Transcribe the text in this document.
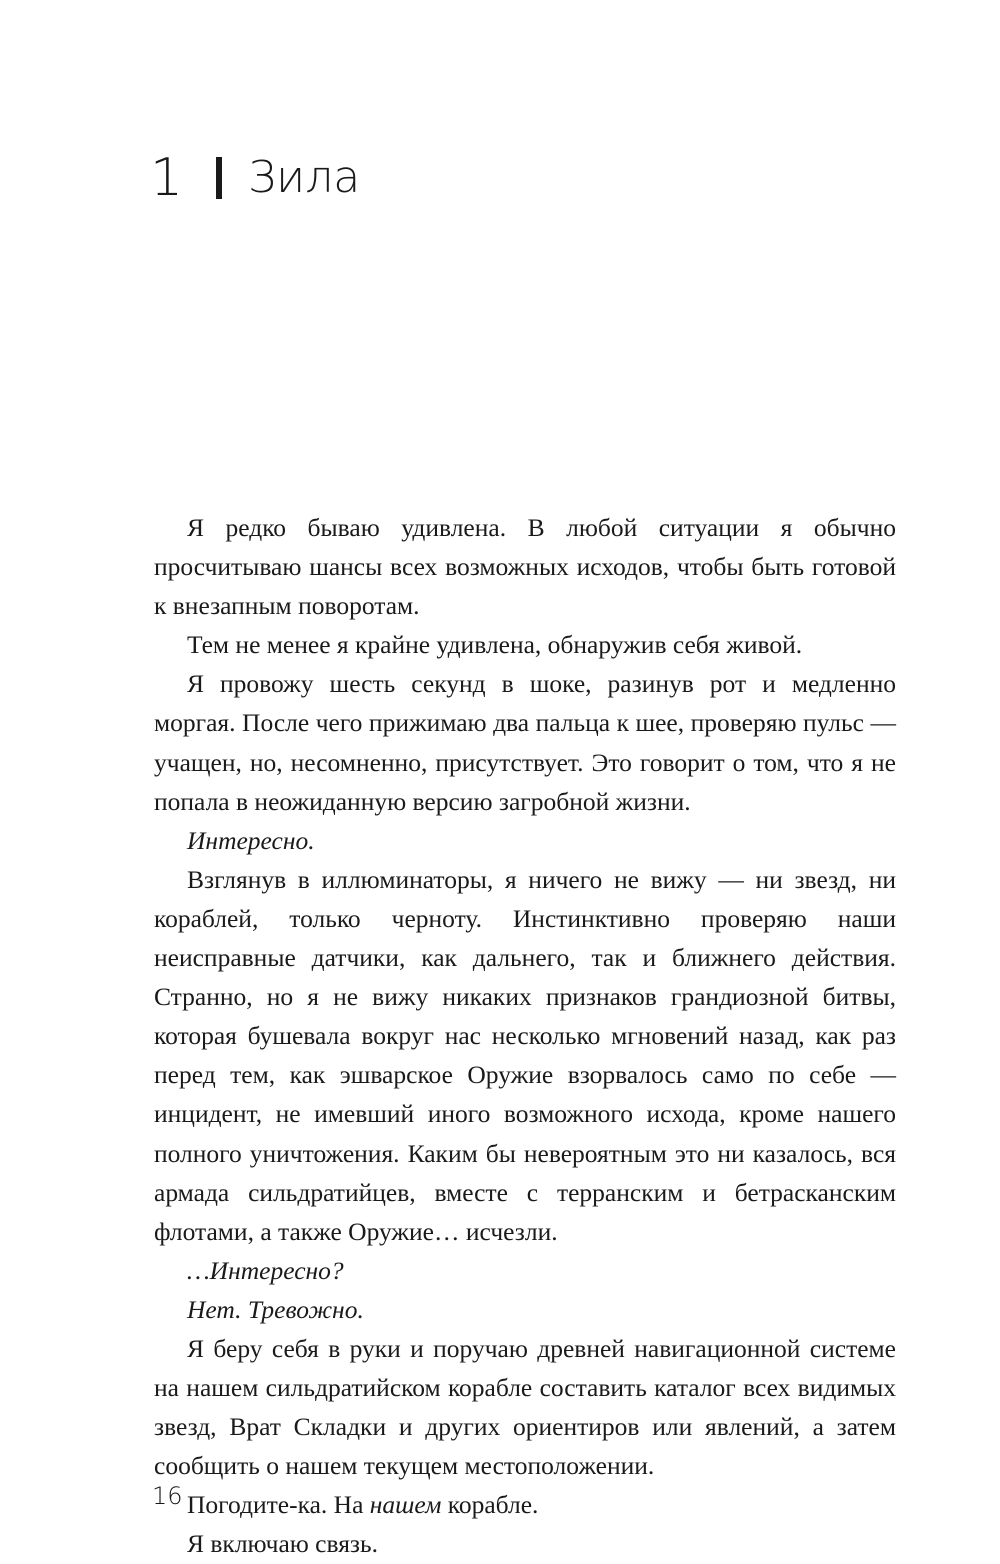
1 Зила

Я редко бываю удивлена. В любой ситуации я обычно просчитываю шансы всех возможных исходов, чтобы быть готовой к внезапным поворотам.

Тем не менее я крайне удивлена, обнаружив себя живой.

Я провожу шесть секунд в шоке, разинув рот и медленно моргая. После чего прижимаю два пальца к шее, проверяю пульс — учащен, но, несомненно, присутствует. Это говорит о том, что я не попала в неожиданную версию загробной жизни.

Интересно.

Взглянув в иллюминаторы, я ничего не вижу — ни звезд, ни кораблей, только черноту. Инстинктивно проверяю наши неисправные датчики, как дальнего, так и ближнего действия. Странно, но я не вижу никаких признаков грандиозной битвы, которая бушевала вокруг нас несколько мгновений назад, как раз перед тем, как эшварское Оружие взорвалось само по себе — инцидент, не имевший иного возможного исхода, кроме нашего полного уничтожения. Каким бы невероятным это ни казалось, вся армада сильдратийцев, вместе с терранским и бетрасканским флотами, а также Оружие… исчезли.

…Интересно?

Нет. Тревожно.

Я беру себя в руки и поручаю древней навигационной системе на нашем сильдратийском корабле составить каталог всех видимых звезд, Врат Складки и других ориентиров или явлений, а затем сообщить о нашем текущем местоположении.

Погодите-ка. На нашем корабле.

Я включаю связь.

16
